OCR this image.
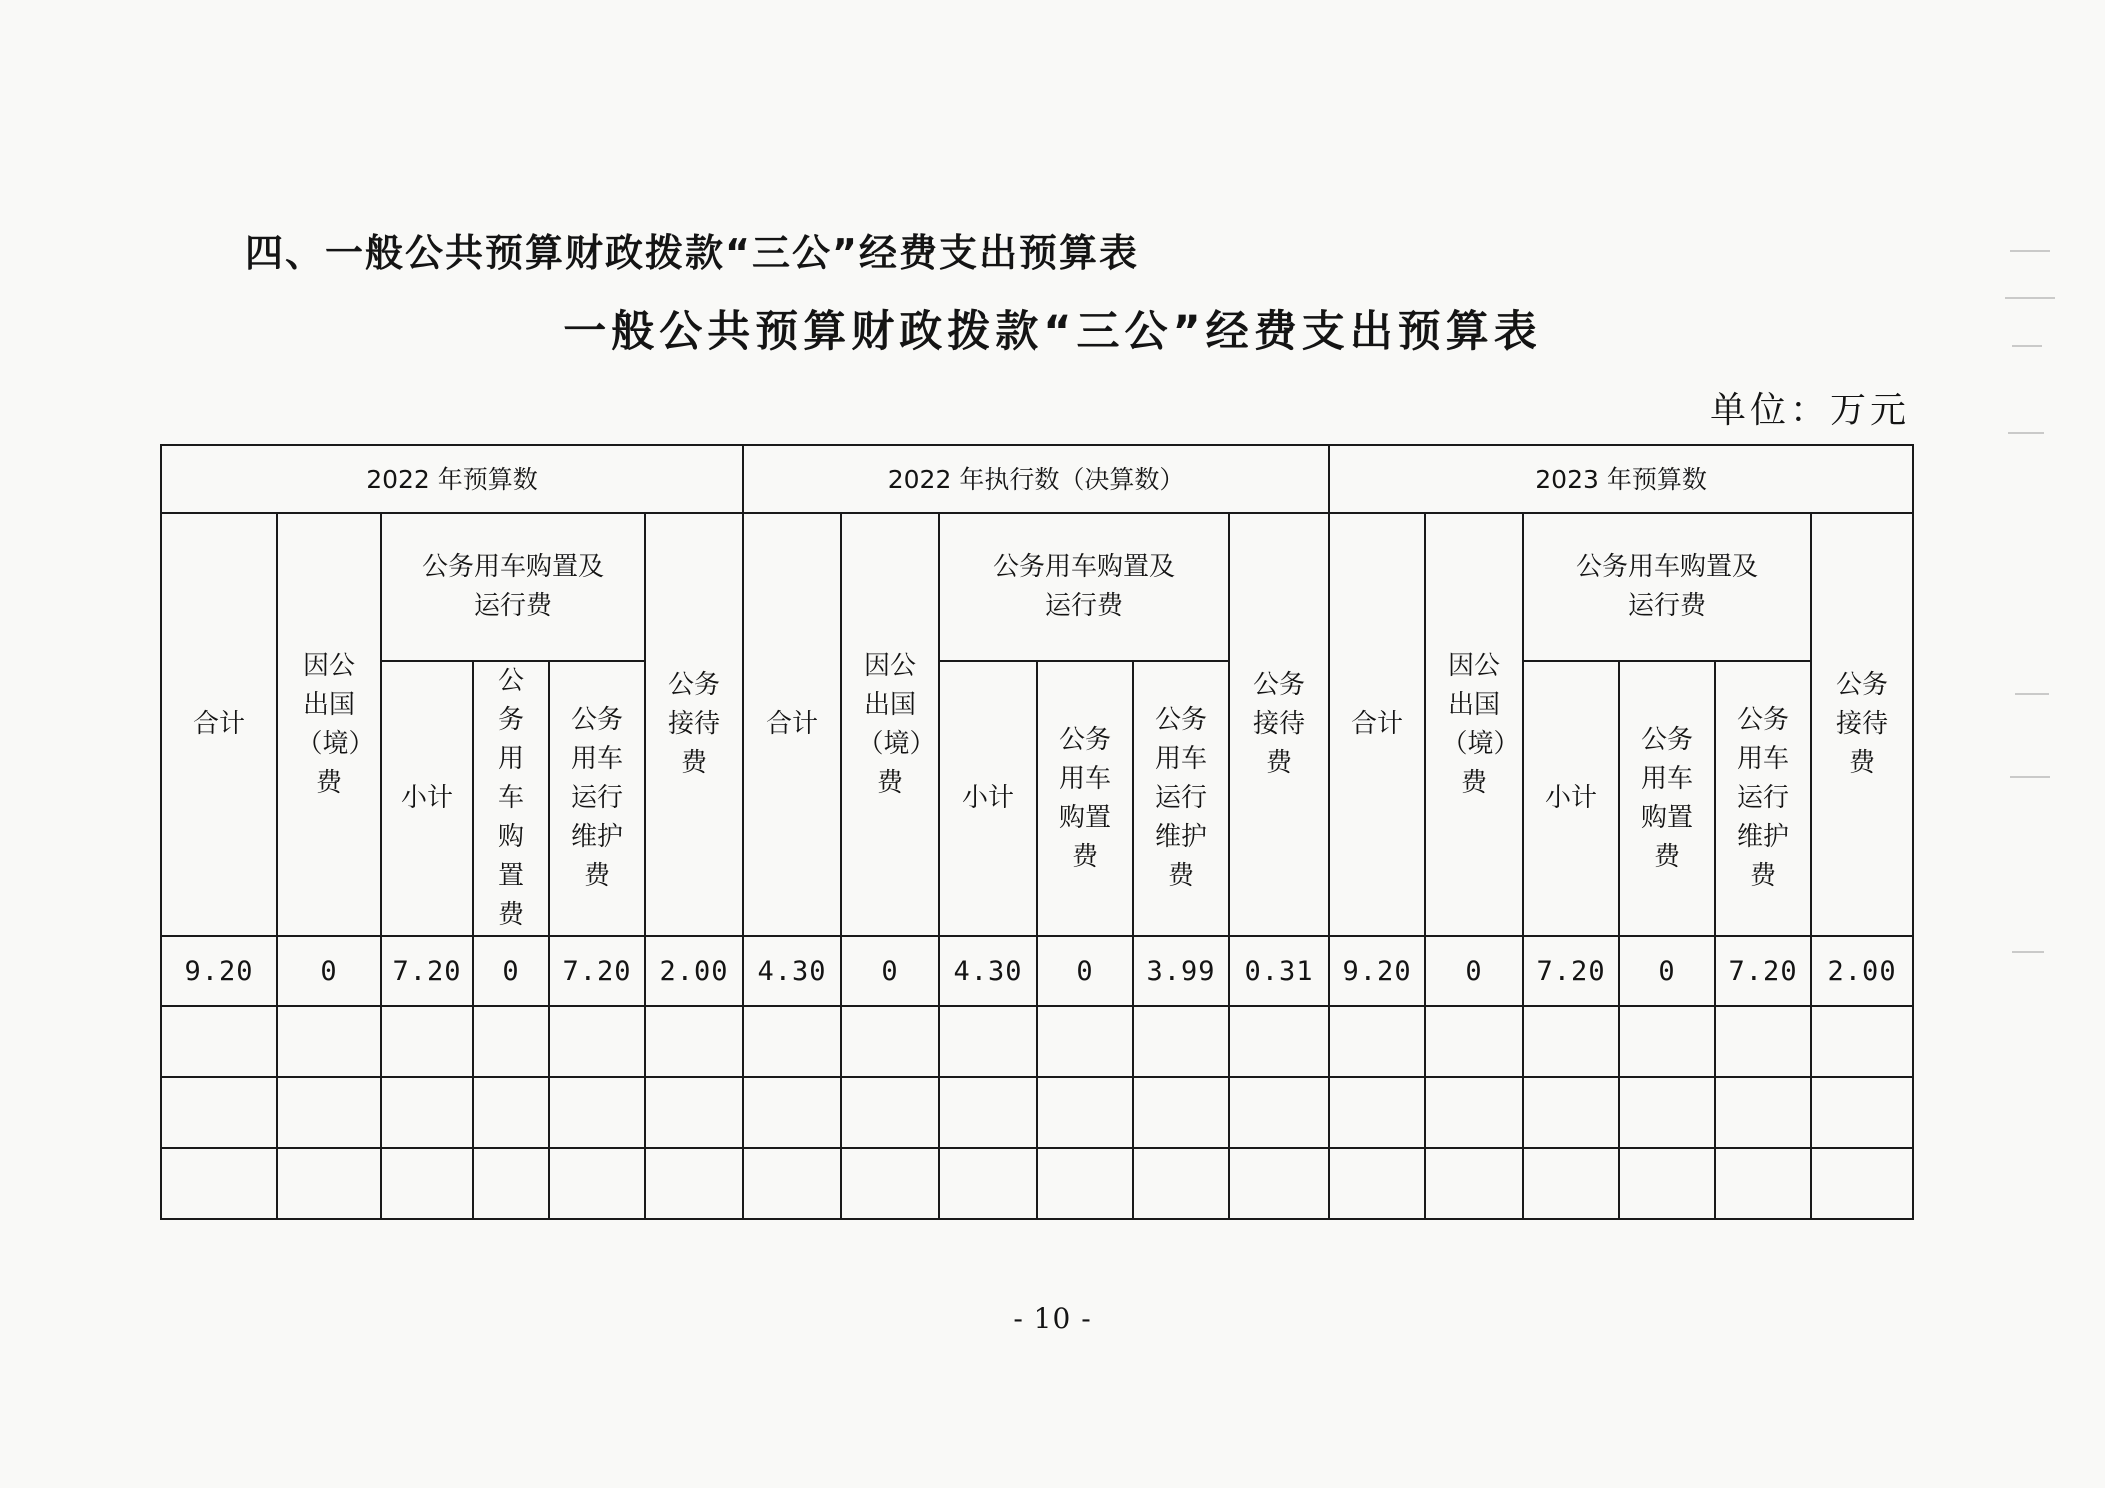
四、一般公共预算财政拨款“三公”经费支出预算表
一般公共预算财政拨款“三公”经费支出预算表
单位：万元
2022 年预算数						2022 年执行数（决算数）						2023 年预算数					
合计	因公出国（境）费	公务用车购置及运行费			公务接待费	合计	因公出国（境）费	公务用车购置及运行费			公务接待费	合计	因公出国（境）费	公务用车购置及运行费			公务接待费
		小计	公务用车购置费	公务用车运行维护费				小计	公务用车购置费	公务用车运行维护费				小计	公务用车购置费	公务用车运行维护费	
9.20	0	7.20	0	7.20	2.00	4.30	0	4.30	0	3.99	0.31	9.20	0	7.20	0	7.20	2.00

- 10 -
